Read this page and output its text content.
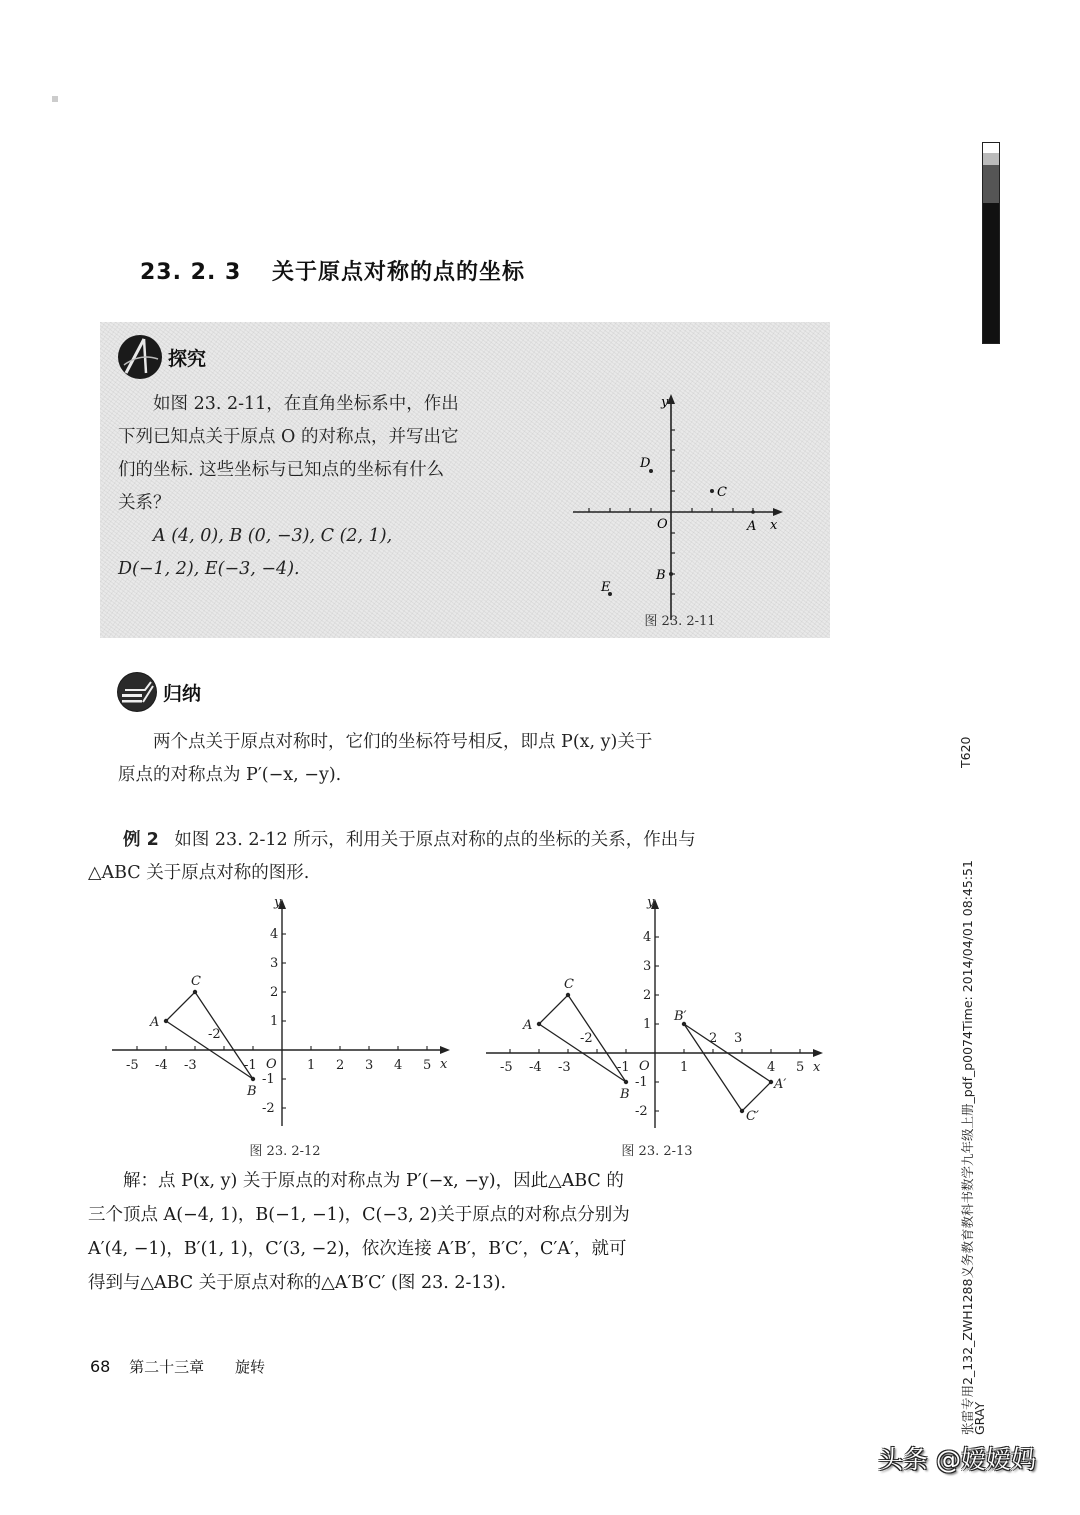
23. 2. 3 关于原点对称的点的坐标
探究
如图 23. 2-11，在直角坐标系中，作出
下列已知点关于原点 O 的对称点，并写出它
们的坐标. 这些坐标与已知点的坐标有什么
关系？
A (4, 0), B (0, −3), C (2, 1),
D(−1, 2), E(−3, −4).
y
x
O	A
B
C
D
E
图 23. 2-11
归纳
两个点关于原点对称时，它们的坐标符号相反，即点 P(x, y)关于
原点的对称点为 P′(−x, −y).
例 2 如图 23. 2-12 所示，利用关于原点对称的点的坐标的关系，作出与
△ABC 关于原点对称的图形.
-5 -4 -3
-2
-1	1 2 3 4 5
4
3
2
1
-1
-2
y
x
O
A
B
C
图 23. 2-12
-5 -4 -3
-2
-1	1
2 3
4 5
4
3
2
1
-1
-2
y
x
O
A
B
C
A′
B′
C′
图 23. 2-13
解：点 P(x, y) 关于原点的对称点为 P′(−x, −y)，因此△ABC 的
三个顶点 A(−4, 1)，B(−1, −1)，C(−3, 2)关于原点的对称点分别为
A′(4, −1)，B′(1, 1)，C′(3, −2)，依次连接 A′B′，B′C′，C′A′，就可
得到与△ABC 关于原点对称的△A′B′C′ (图 23. 2-13).
68 第二十三章 旋转
T620
张雷专用2_132_ZWH1288义务教育教科书数学九年级上册_pdf_p0074Time: 2014/04/01 08:45:51
GRAY
头条 @嫒嫒妈
